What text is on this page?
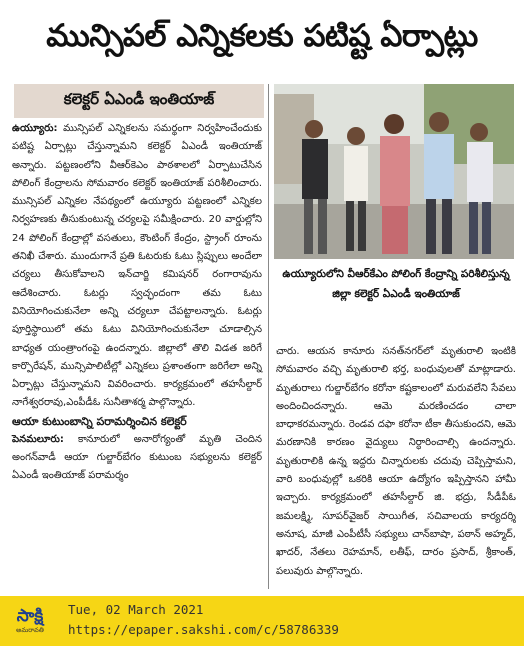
మున్సిపల్ ఎన్నికలకు పటిష్ట ఏర్పాట్లు
కలెక్టర్ ఏఎండీ ఇంతియాజ్

ఉయ్యూరు: మున్సిపల్ ఎన్నికలను సమర్థంగా నిర్వహించేందుకు పటిష్ట ఏర్పాట్లు చేస్తున్నామని కలెక్టర్ ఏఎండీ ఇంతియాజ్ అన్నారు. పట్టణంలోని వీఆర్‌కెఎం పాఠశాలలో ఏర్పాటుచేసిన పోలింగ్ కేంద్రాలను సోమవారం కలెక్టర్ ఇంతియాజ్ పరిశీలించారు. మున్సిపల్ ఎన్నికల నేపథ్యంలో ఉయ్యూరు పట్టణంలో ఎన్నికల నిర్వహణకు తీసుకుంటున్న చర్యలపై సమీక్షించారు. 20 వార్డుల్లోని 24 పోలింగ్ కేంద్రాల్లో వసతులు, కౌంటింగ్ కేంద్రం, స్ట్రాంగ్ రూంను తనిఖీ చేశారు. ముందుగానే ప్రతి ఓటరుకు ఓటు స్లిప్పులు అందేలా చర్యలు తీసుకోవాలని ఇన్‌చార్జి కమిషనర్ రంగారావును ఆదేశించారు. ఓటర్లు స్వచ్ఛందంగా తమ ఓటు వినియోగించుకునేలా అన్ని చర్యలూ చేపట్టాలన్నారు. ఓటర్లు పూర్తిస్థాయిలో తమ ఓటు వినియోగించుకునేలా చూడాల్సిన బాధ్యత యంత్రాంగంపై ఉందన్నారు. జిల్లాలో తొలి విడత జరిగే కార్పొరేషన్, మున్సిపాలిటీల్లో ఎన్నికలు ప్రశాంతంగా జరిగేలా అన్ని ఏర్పాట్లు చేస్తున్నామని వివరించారు. కార్యక్రమంలో తహసీల్దార్ నాగేశ్వరరావు,ఎంపీడీఓ సునీతాశర్మ పాల్గొన్నారు.

ఆయా కుటుంబాన్ని పరామర్శించిన కలెక్టర్

పెనమలూరు: కానూరులో అనారోగ్యంతో మృతి చెందిన అంగన్‌వాడీ ఆయా గుల్జార్‌బేగం కుటుంబ సభ్యులను కలెక్టర్ ఏఎండీ ఇంతియాజ్ పరామర్శం

ఉయ్యూరులోని వీఆర్‌కేఎం పోలింగ్ కేంద్రాన్ని పరిశీలిస్తున్న జిల్లా కలెక్టర్ ఏఎండీ ఇంతియాజ్

చారు. ఆయన కానూరు సనత్‌నగర్‌లో మృతురాలి ఇంటికి సోమవారం వచ్చి మృతురాలి భర్త, బంధువులతో మాట్లాడారు. మృతురాలు గుల్జార్‌బేగం కరోనా కష్టకాలంలో మరువలేని సేవలు అందించిందన్నారు. ఆమె మరణించడం చాలా బాధాకరమన్నారు. రెండవ దఫా కరోనా టీకా తీసుకుందని, ఆమె మరణానికి కారణం వైద్యులు నిర్ధారించాల్సి ఉందన్నారు. మృతురాలికి ఉన్న ఇద్దరు చిన్నారులకు చదువు చెప్పిస్తామని, వారి బంధువుల్లో ఒకరికి ఆయా ఉద్యోగం ఇప్పిస్తానని హామీ ఇచ్చారు. కార్యక్రమంలో తహసీల్దార్ జి. భద్రు, సీడీపీఓ జమలక్ష్మి, సూపర్‌వైజర్ సాయిగీత, సచివాలయ కార్యదర్శి అనూష, మాజీ ఎంపీటీసీ సభ్యులు చాన్‌బాషా, పఠాన్ అహ్మద్, ఖాదర్, నేతలు రెహమాన్, లతీఫ్, దారం ప్రసాద్, శ్రీకాంత్, పలువురు పాల్గొన్నారు.

సాక్షి
అమరావతి
Tue, 02 March 2021
https://epaper.sakshi.com/c/58786339
